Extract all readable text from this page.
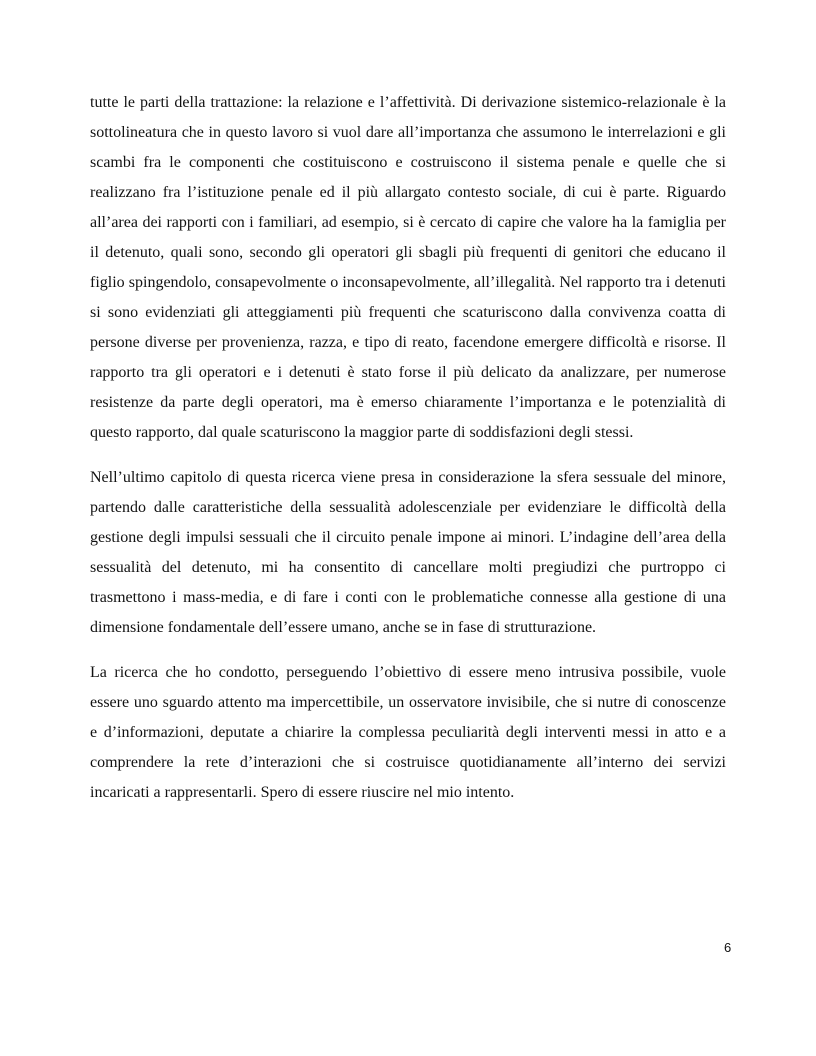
tutte le parti della trattazione: la relazione e l’affettività. Di derivazione sistemico-relazionale è la sottolineatura che in questo lavoro si vuol dare all’importanza che assumono le interrelazioni e gli scambi fra le componenti che costituiscono e costruiscono il sistema penale e quelle che si realizzano fra l’istituzione penale ed il più allargato contesto sociale, di cui è parte. Riguardo all’area dei rapporti con i familiari, ad esempio, si è cercato di capire che valore ha la famiglia per il detenuto, quali sono, secondo gli operatori gli sbagli più frequenti di genitori che educano il figlio spingendolo, consapevolmente o inconsapevolmente, all’illegalità. Nel rapporto tra i detenuti si sono evidenziati gli atteggiamenti più frequenti che scaturiscono dalla convivenza coatta di persone diverse per provenienza, razza, e tipo di reato, facendone emergere difficoltà e risorse. Il rapporto tra gli operatori e i detenuti è stato forse il più delicato da analizzare, per numerose resistenze da parte degli operatori, ma è emerso chiaramente l’importanza e le potenzialità di questo rapporto, dal quale scaturiscono la maggior parte di soddisfazioni degli stessi.

Nell’ultimo capitolo di questa ricerca viene presa in considerazione la sfera sessuale del minore, partendo dalle caratteristiche della sessualità adolescenziale per evidenziare le difficoltà della gestione degli impulsi sessuali che il circuito penale impone ai minori. L’indagine dell’area della sessualità del detenuto, mi ha consentito di cancellare molti pregiudizi che purtroppo ci trasmettono i mass-media, e di fare i conti con le problematiche connesse alla gestione di una dimensione fondamentale dell’essere umano, anche se in fase di strutturazione.

La ricerca che ho condotto, perseguendo l’obiettivo di essere meno intrusiva possibile, vuole essere uno sguardo attento ma impercettibile, un osservatore invisibile, che si nutre di conoscenze e d’informazioni, deputate a chiarire la complessa peculiarità degli interventi messi in atto e a comprendere la rete d’interazioni che si costruisce quotidianamente all’interno dei servizi incaricati a rappresentarli. Spero di essere riuscire nel mio intento.

6
